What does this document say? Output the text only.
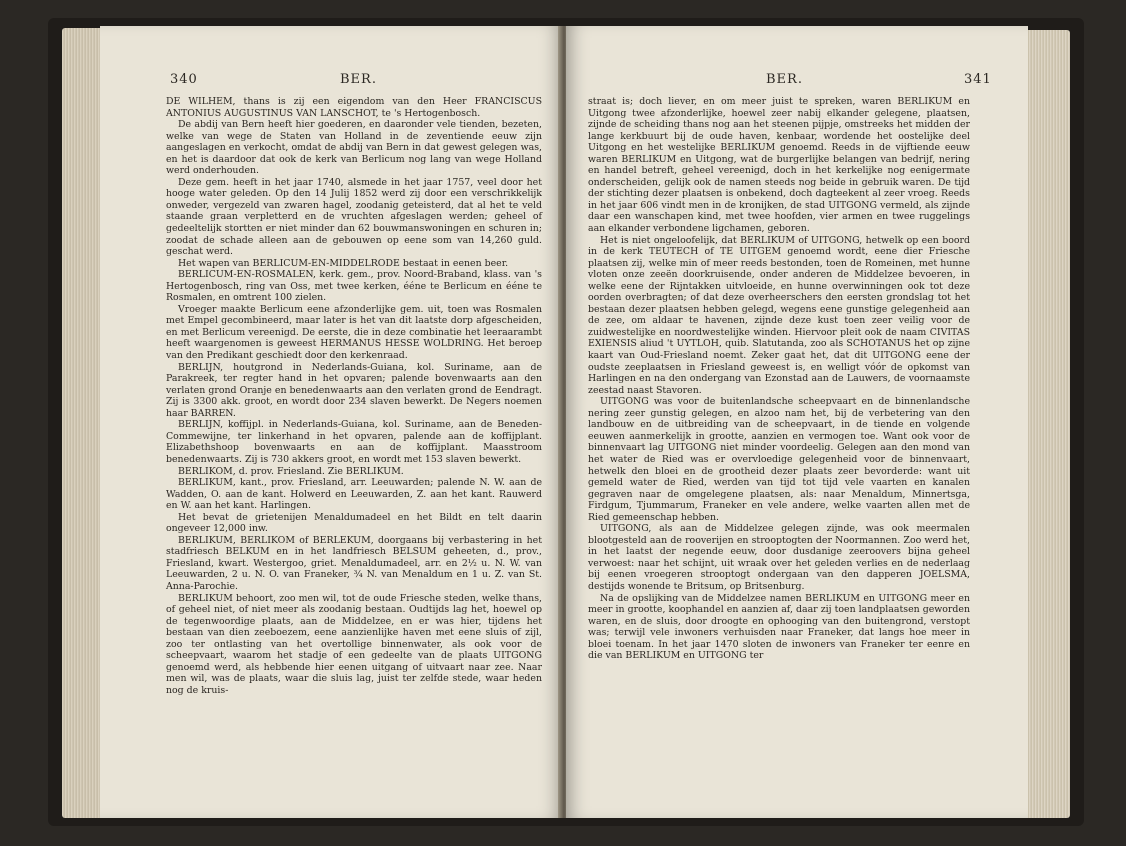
340	BER.

DE WILHEM, thans is zij een eigendom van den Heer FRANCISCUS ANTONIUS AUGUSTINUS VAN LANSCHOT, te 's Hertogenbosch.

De abdij van Bern heeft hier goederen, en daaronder vele tienden, bezeten, welke van wege de Staten van Holland in de zeventiende eeuw zijn aangeslagen en verkocht, omdat de abdij van Bern in dat gewest gelegen was, en het is daardoor dat ook de kerk van Berlicum nog lang van wege Holland werd onderhouden.

Deze gem. heeft in het jaar 1740, alsmede in het jaar 1757, veel door het hooge water geleden. Op den 14 Julij 1852 werd zij door een verschrikkelijk onweder, vergezeld van zwaren hagel, zoodanig geteisterd, dat al het te veld staande graan verpletterd en de vruchten afgeslagen werden; geheel of gedeeltelijk stortten er niet minder dan 62 bouwmanswoningen en schuren in; zoodat de schade alleen aan de gebouwen op eene som van 14,260 guld. geschat werd.

Het wapen van BERLICUM-EN-MIDDELRODE bestaat in eenen beer.

BERLICUM-EN-ROSMALEN, kerk. gem., prov. Noord-Braband, klass. van 's Hertogenbosch, ring van Oss, met twee kerken, ééne te Berlicum en ééne te Rosmalen, en omtrent 100 zielen.

Vroeger maakte Berlicum eene afzonderlijke gem. uit, toen was Rosmalen met Empel gecombineerd, maar later is het van dit laatste dorp afgescheiden, en met Berlicum vereenigd. De eerste, die in deze combinatie het leeraarambt heeft waargenomen is geweest HERMANUS HESSE WOLDRING. Het beroep van den Predikant geschiedt door den kerkenraad.

BERLIJN, houtgrond in Nederlands-Guiana, kol. Suriname, aan de Parakreek, ter regter hand in het opvaren; palende bovenwaarts aan den verlaten grond Oranje en benedenwaarts aan den verlaten grond de Eendragt. Zij is 3300 akk. groot, en wordt door 234 slaven bewerkt. De Negers noemen haar BARREN.

BERLIJN, koffijpl. in Nederlands-Guiana, kol. Suriname, aan de Beneden-Commewijne, ter linkerhand in het opvaren, palende aan de koffijplant. Elizabethshoop bovenwaarts en aan de koffijplant. Maasstroom benedenwaarts. Zij is 730 akkers groot, en wordt met 153 slaven bewerkt.

BERLIKOM, d. prov. Friesland. Zie BERLIKUM.

BERLIKUM, kant., prov. Friesland, arr. Leeuwarden; palende N. W. aan de Wadden, O. aan de kant. Holwerd en Leeuwarden, Z. aan het kant. Rauwerd en W. aan het kant. Harlingen.

Het bevat de grietenijen Menaldumadeel en het Bildt en telt daarin ongeveer 12,000 inw.

BERLIKUM, BERLIKOM of BERLEKUM, doorgaans bij verbastering in het stadfriesch BELKUM en in het landfriesch BELSUM geheeten, d., prov., Friesland, kwart. Westergoo, griet. Menaldumadeel, arr. en 2½ u. N. W. van Leeuwarden, 2 u. N. O. van Franeker, ¾ N. van Menaldum en 1 u. Z. van St. Anna-Parochie.

BERLIKUM behoort, zoo men wil, tot de oude Friesche steden, welke thans, of geheel niet, of niet meer als zoodanig bestaan. Oudtijds lag het, hoewel op de tegenwoordige plaats, aan de Middelzee, en er was hier, tijdens het bestaan van dien zeeboezem, eene aanzienlijke haven met eene sluis of zijl, zoo ter ontlasting van het overtollige binnenwater, als ook voor de scheepvaart, waarom het stadje of een gedeelte van de plaats UITGONG genoemd werd, als hebbende hier eenen uitgang of uitvaart naar zee. Naar men wil, was de plaats, waar die sluis lag, juist ter zelfde stede, waar heden nog de kruis-

BER.	341

straat is; doch liever, en om meer juist te spreken, waren BERLIKUM en Uitgong twee afzonderlijke, hoewel zeer nabij elkander gelegene, plaatsen, zijnde de scheiding thans nog aan het steenen pijpje, omstreeks het midden der lange kerkbuurt bij de oude haven, kenbaar, wordende het oostelijke deel Uitgong en het westelijke BERLIKUM genoemd. Reeds in de vijftiende eeuw waren BERLIKUM en Uitgong, wat de burgerlijke belangen van bedrijf, nering en handel betreft, geheel vereenigd, doch in het kerkelijke nog eenigermate onderscheiden, gelijk ook de namen steeds nog beide in gebruik waren. De tijd der stichting dezer plaatsen is onbekend, doch dagteekent al zeer vroeg. Reeds in het jaar 606 vindt men in de kronijken, de stad UITGONG vermeld, als zijnde daar een wanschapen kind, met twee hoofden, vier armen en twee ruggelings aan elkander verbondene ligchamen, geboren.

Het is niet ongeloofelijk, dat BERLIKUM of UITGONG, hetwelk op een boord in de kerk TEUTECH of TE UITGEM genoemd wordt, eene dier Friesche plaatsen zij, welke min of meer reeds bestonden, toen de Romeinen, met hunne vloten onze zeeën doorkruisende, onder anderen de Middelzee bevoeren, in welke eene der Rijntakken uitvloeide, en hunne overwinningen ook tot deze oorden overbragten; of dat deze overheerschers den eersten grondslag tot het bestaan dezer plaatsen hebben gelegd, wegens eene gunstige gelegenheid aan de zee, om aldaar te havenen, zijnde deze kust toen zeer veilig voor de zuidwestelijke en noordwestelijke winden. Hiervoor pleit ook de naam CIVITAS EXIENSIS aliud 't UYTLOH, quib. Slatutanda, zoo als SCHOTANUS het op zijne kaart van Oud-Friesland noemt. Zeker gaat het, dat dit UITGONG eene der oudste zeeplaatsen in Friesland geweest is, en welligt vóór de opkomst van Harlingen en na den ondergang van Ezonstad aan de Lauwers, de voornaamste zeestad naast Stavoren.

UITGONG was voor de buitenlandsche scheepvaart en de binnenlandsche nering zeer gunstig gelegen, en alzoo nam het, bij de verbetering van den landbouw en de uitbreiding van de scheepvaart, in de tiende en volgende eeuwen aanmerkelijk in grootte, aanzien en vermogen toe. Want ook voor de binnenvaart lag UITGONG niet minder voordeelig. Gelegen aan den mond van het water de Ried was er overvloedige gelegenheid voor de binnenvaart, hetwelk den bloei en de grootheid dezer plaats zeer bevorderde: want uit gemeld water de Ried, werden van tijd tot tijd vele vaarten en kanalen gegraven naar de omgelegene plaatsen, als: naar Menaldum, Minnertsga, Firdgum, Tjummarum, Franeker en vele andere, welke vaarten allen met de Ried gemeenschap hebben.

UITGONG, als aan de Middelzee gelegen zijnde, was ook meermalen blootgesteld aan de rooverijen en strooptogten der Noormannen. Zoo werd het, in het laatst der negende eeuw, door dusdanige zeeroovers bijna geheel verwoest: naar het schijnt, uit wraak over het geleden verlies en de nederlaag bij eenen vroegeren strooptogt ondergaan van den dapperen JOELSMA, destijds wonende te Britsum, op Britsenburg.

Na de opslijking van de Middelzee namen BERLIKUM en UITGONG meer en meer in grootte, koophandel en aanzien af, daar zij toen landplaatsen geworden waren, en de sluis, door droogte en ophooging van den buitengrond, verstopt was; terwijl vele inwoners verhuisden naar Franeker, dat langs hoe meer in bloei toenam. In het jaar 1470 sloten de inwoners van Franeker ter eenre en die van BERLIKUM en UITGONG ter
